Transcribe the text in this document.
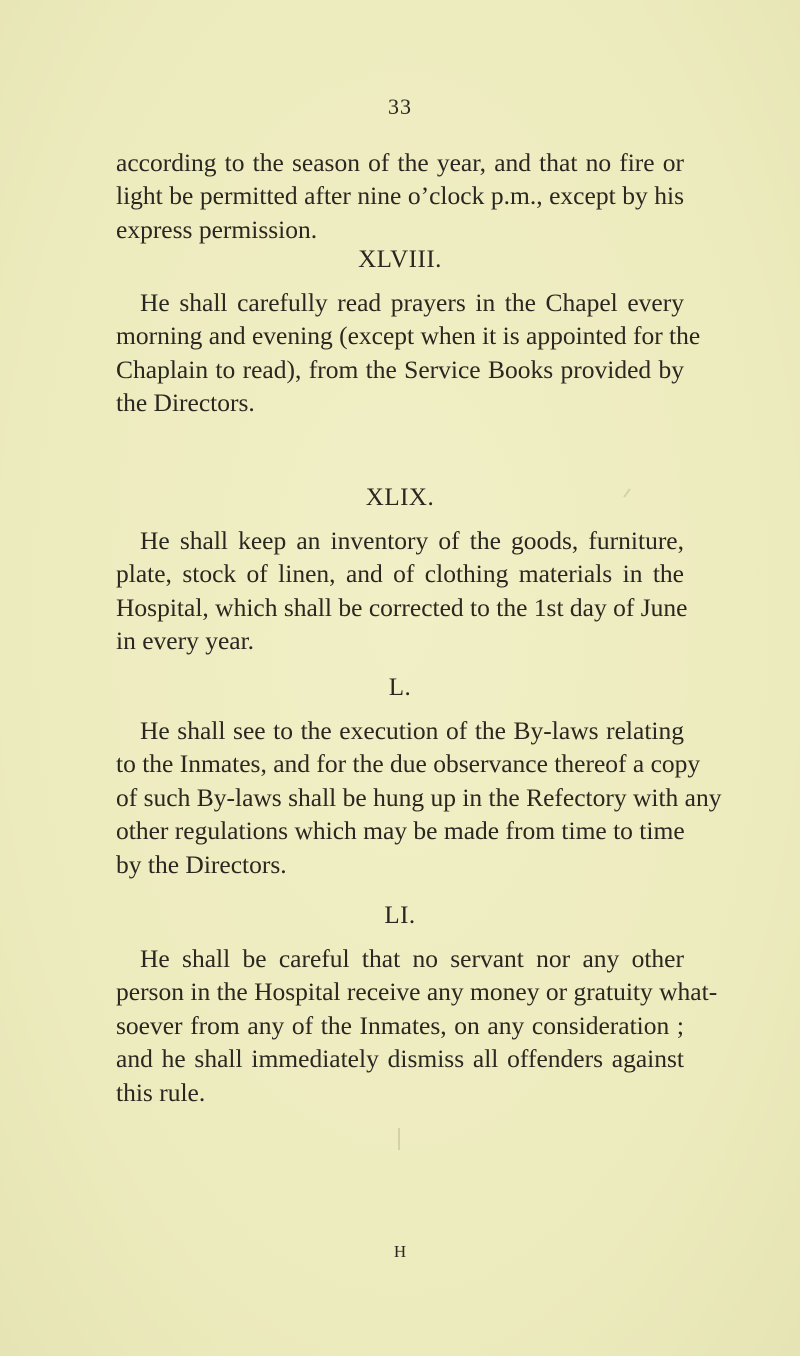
33
according to the season of the year, and that no fire or
light be permitted after nine o’clock p.m., except by his
express permission.
XLVIII.
He shall carefully read prayers in the Chapel every
morning and evening (except when it is appointed for the
Chaplain to read), from the Service Books provided by
the Directors.
XLIX.
He shall keep an inventory of the goods, furniture,
plate, stock of linen, and of clothing materials in the
Hospital, which shall be corrected to the 1st day of June
in every year.
L.
He shall see to the execution of the By-laws relating
to the Inmates, and for the due observance thereof a copy
of such By-laws shall be hung up in the Refectory with any
other regulations which may be made from time to time
by the Directors.
LI.
He shall be careful that no servant nor any other
person in the Hospital receive any money or gratuity what-
soever from any of the Inmates, on any consideration ;
and he shall immediately dismiss all offenders against
this rule.
H
